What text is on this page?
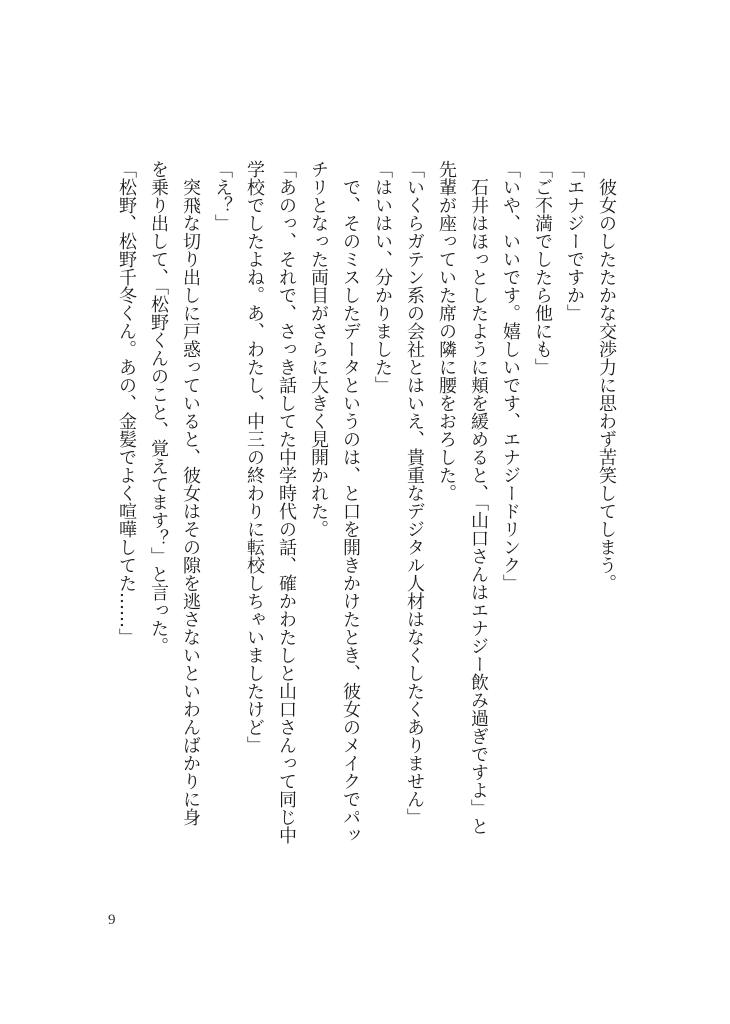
彼女のしたたかな交渉力に思わず苦笑してしまう。
「エナジーですか」
「ご不満でしたら他にも」
「いや、いいです。嬉しいです、エナジードリンク」
石井はほっとしたように頬を緩めると、「山口さんはエナジー飲み過ぎですよ」と
先輩が座っていた席の隣に腰をおろした。
「いくらガテン系の会社とはいえ、貴重なデジタル人材はなくしたくありません」
「はいはい、分かりました」
で、そのミスしたデータというのは、と口を開きかけたとき、彼女のメイクでパッ
チリとなった両目がさらに大きく見開かれた。
「あのっ、それで、さっき話してた中学時代の話、確かわたしと山口さんって同じ中
学校でしたよね。あ、わたし、中三の終わりに転校しちゃいましたけど」
「え？」
突飛な切り出しに戸惑っていると、彼女はその隙を逃さないといわんばかりに身
を乗り出して、「松野くんのこと、覚えてます？」と言った。
「松野、松野千冬くん。あの、金髪でよく喧嘩してた……」
9
